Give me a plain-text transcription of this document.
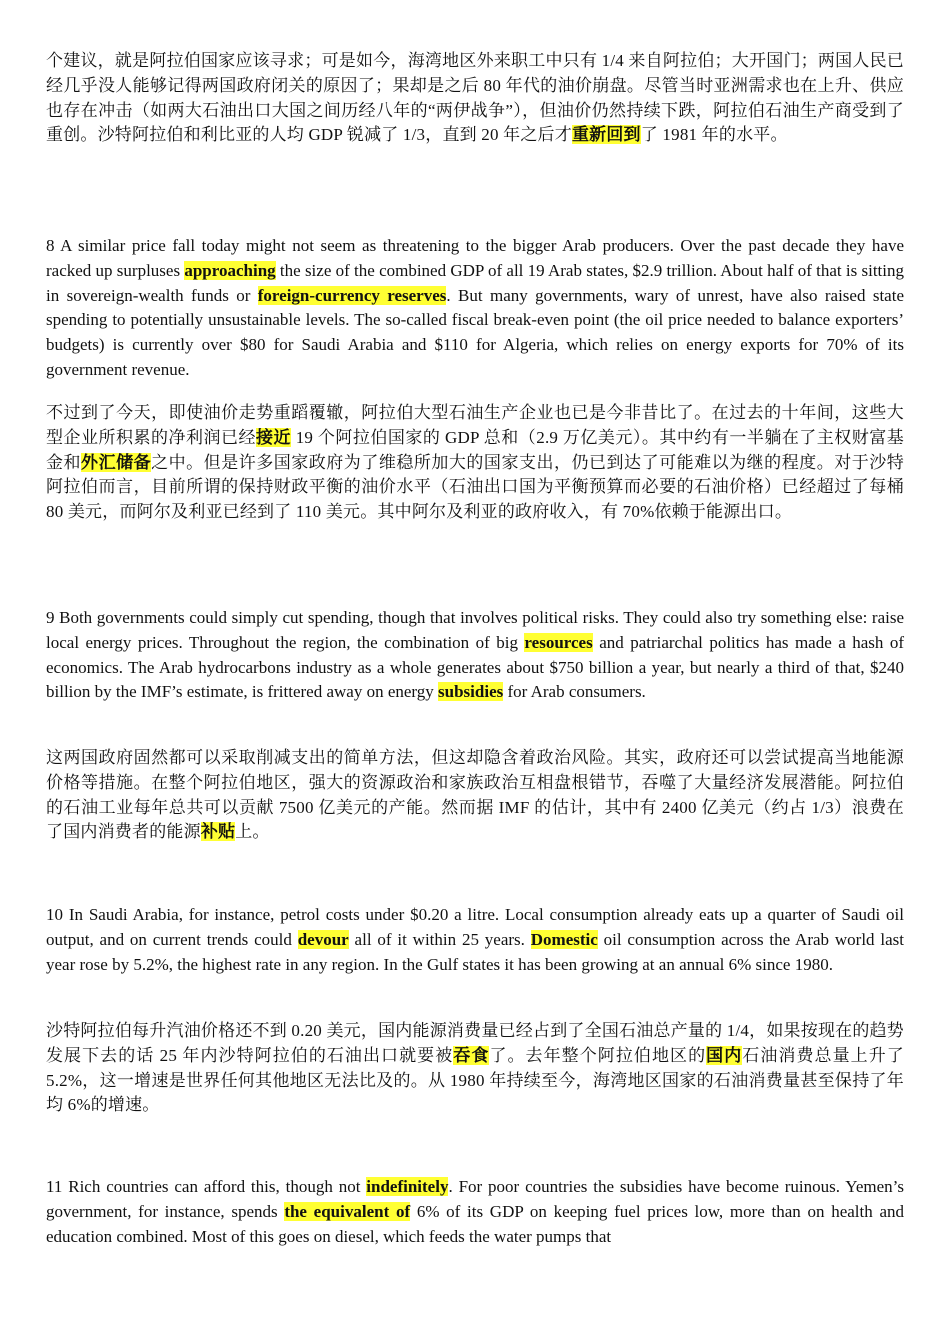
个建议，就是阿拉伯国家应该寻求；可是如今，海湾地区外来职工中只有 1/4 来自阿拉伯；大开国门；两国人民已经几乎没人能够记得两国政府闭关的原因了；果却是之后 80 年代的油价崩盘。尽管当时亚洲需求也在上升、供应也存在冲击（如两大石油出口大国之间历经八年的“两伊战争”），但油价仍然持续下跌，阿拉伯石油生产商受到了重创。沙特阿拉伯和利比亚的人均 GDP 锐减了 1/3，直到 20 年之后才重新回到了 1981 年的水平。

8 A similar price fall today might not seem as threatening to the bigger Arab producers. Over the past decade they have racked up surpluses approaching the size of the combined GDP of all 19 Arab states, $2.9 trillion. About half of that is sitting in sovereign-wealth funds or foreign-currency reserves. But many governments, wary of unrest, have also raised state spending to potentially unsustainable levels. The so-called fiscal break-even point (the oil price needed to balance exporters’ budgets) is currently over $80 for Saudi Arabia and $110 for Algeria, which relies on energy exports for 70% of its government revenue.

不过到了今天，即使油价走势重蹈覆辙，阿拉伯大型石油生产企业也已是今非昔比了。在过去的十年间，这些大型企业所积累的净利润已经接近 19 个阿拉伯国家的 GDP 总和（2.9 万亿美元）。其中约有一半躺在了主权财富基金和外汇储备之中。但是许多国家政府为了维稳所加大的国家支出，仍已到达了可能难以为继的程度。对于沙特阿拉伯而言，目前所谓的保持财政平衡的油价水平（石油出口国为平衡预算而必要的石油价格）已经超过了每桶 80 美元，而阿尔及利亚已经到了 110 美元。其中阿尔及利亚的政府收入，有 70%依赖于能源出口。

9 Both governments could simply cut spending, though that involves political risks. They could also try something else: raise local energy prices. Throughout the region, the combination of big resources and patriarchal politics has made a hash of economics. The Arab hydrocarbons industry as a whole generates about $750 billion a year, but nearly a third of that, $240 billion by the IMF’s estimate, is frittered away on energy subsidies for Arab consumers.

这两国政府固然都可以采取削减支出的简单方法，但这却隐含着政治风险。其实，政府还可以尝试提高当地能源价格等措施。在整个阿拉伯地区，强大的资源政治和家族政治互相盘根错节，吞噬了大量经济发展潜能。阿拉伯的石油工业每年总共可以贡献 7500 亿美元的产能。然而据 IMF 的估计，其中有 2400 亿美元（约占 1/3）浪费在了国内消费者的能源补贴上。

10 In Saudi Arabia, for instance, petrol costs under $0.20 a litre. Local consumption already eats up a quarter of Saudi oil output, and on current trends could devour all of it within 25 years. Domestic oil consumption across the Arab world last year rose by 5.2%, the highest rate in any region. In the Gulf states it has been growing at an annual 6% since 1980.

沙特阿拉伯每升汽油价格还不到 0.20 美元，国内能源消费量已经占到了全国石油总产量的 1/4，如果按现在的趋势发展下去的话 25 年内沙特阿拉伯的石油出口就要被吞食了。去年整个阿拉伯地区的国内石油消费总量上升了 5.2%，这一增速是世界任何其他地区无法比及的。从 1980 年持续至今，海湾地区国家的石油消费量甚至保持了年均 6%的增速。

11 Rich countries can afford this, though not indefinitely. For poor countries the subsidies have become ruinous. Yemen’s government, for instance, spends the equivalent of 6% of its GDP on keeping fuel prices low, more than on health and education combined. Most of this goes on diesel, which feeds the water pumps that
